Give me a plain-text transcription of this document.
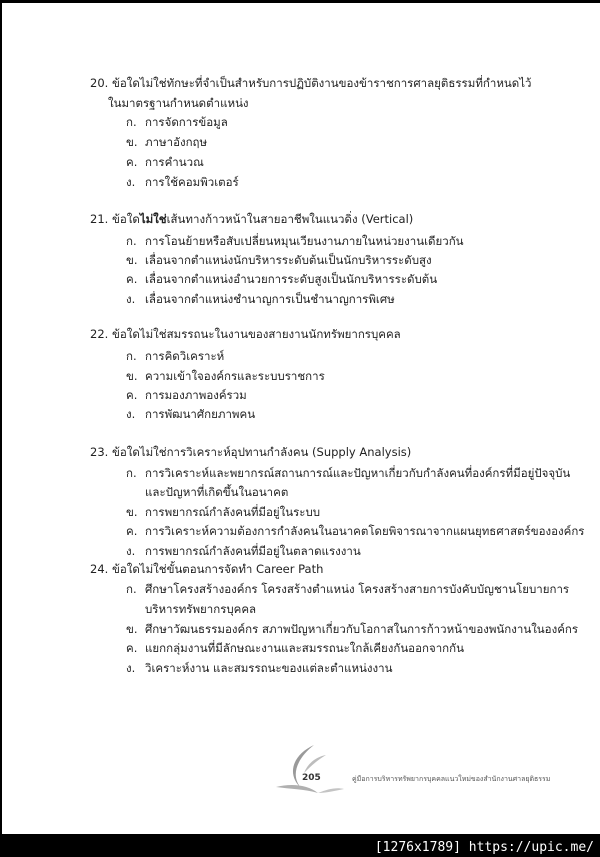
20. ข้อใดไม่ใช่ทักษะที่จำเป็นสำหรับการปฏิบัติงานของข้าราชการศาลยุติธรรมที่กำหนดไว้
ในมาตรฐานกำหนดตำแหน่ง
ก. การจัดการข้อมูล
ข. ภาษาอังกฤษ
ค. การคำนวณ
ง. การใช้คอมพิวเตอร์
21. ข้อใดไม่ใช่เส้นทางก้าวหน้าในสายอาชีพในแนวดิ่ง (Vertical)
ก. การโอนย้ายหรือสับเปลี่ยนหมุนเวียนงานภายในหน่วยงานเดียวกัน
ข. เลื่อนจากตำแหน่งนักบริหารระดับต้นเป็นนักบริหารระดับสูง
ค. เลื่อนจากตำแหน่งอำนวยการระดับสูงเป็นนักบริหารระดับต้น
ง. เลื่อนจากตำแหน่งชำนาญการเป็นชำนาญการพิเศษ
22. ข้อใดไม่ใช่สมรรถนะในงานของสายงานนักทรัพยากรบุคคล
ก. การคิดวิเคราะห์
ข. ความเข้าใจองค์กรและระบบราชการ
ค. การมองภาพองค์รวม
ง. การพัฒนาศักยภาพคน
23. ข้อใดไม่ใช่การวิเคราะห์อุปทานกำลังคน (Supply Analysis)
ก. การวิเคราะห์และพยากรณ์สถานการณ์และปัญหาเกี่ยวกับกำลังคนที่องค์กรที่มีอยู่ปัจจุบัน
และปัญหาที่เกิดขึ้นในอนาคต
ข. การพยากรณ์กำลังคนที่มีอยู่ในระบบ
ค. การวิเคราะห์ความต้องการกำลังคนในอนาคตโดยพิจารณาจากแผนยุทธศาสตร์ขององค์กร
ง. การพยากรณ์กำลังคนที่มีอยู่ในตลาดแรงงาน
24. ข้อใดไม่ใช่ขั้นตอนการจัดทำ Career Path
ก. ศึกษาโครงสร้างองค์กร โครงสร้างตำแหน่ง โครงสร้างสายการบังคับบัญชานโยบายการ
บริหารทรัพยากรบุคคล
ข. ศึกษาวัฒนธรรมองค์กร สภาพปัญหาเกี่ยวกับโอกาสในการก้าวหน้าของพนักงานในองค์กร
ค. แยกกลุ่มงานที่มีลักษณะงานและสมรรถนะใกล้เคียงกันออกจากกัน
ง. วิเคราะห์งาน และสมรรถนะของแต่ละตำแหน่งงาน
205	คู่มือการบริหารทรัพยากรบุคคลแนวใหม่ของสำนักงานศาลยุติธรรม
[1276x1789] https://upic.me/
